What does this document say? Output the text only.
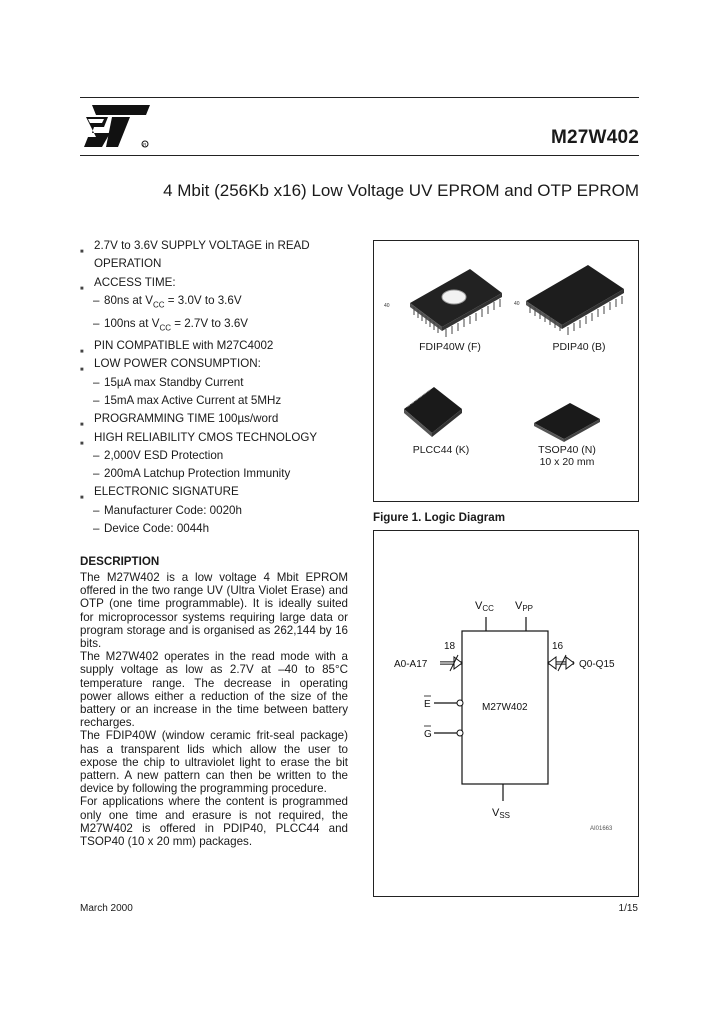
R	M27W402
4 Mbit (256Kb x16) Low Voltage UV EPROM and OTP EPROM
■ 2.7V to 3.6V SUPPLY VOLTAGE in READ OPERATION
■ ACCESS TIME:
– 80ns at $V_{CC} = 3.0V$ to 3.6V
– 100ns at $V_{CC} = 2.7V$ to 3.6V
■ PIN COMPATIBLE with M27C4002
■ LOW POWER CONSUMPTION:
– 15µA max Standby Current
– 15mA max Active Current at 5MHz
■ PROGRAMMING TIME 100µs/word
■ HIGH RELIABILITY CMOS TECHNOLOGY
– 2,000V ESD Protection
– 200mA Latchup Protection Immunity
■ ELECTRONIC SIGNATURE
– Manufacturer Code: 0020h
– Device Code: 0044h
40	40
FDIP40W (F)	PDIP40 (B)
PLCC44 (K)	TSOP40 (N)
10 x 20 mm
Figure 1. Logic Diagram
VCC VPP
VSS
18
A0-A17
16
Q0-Q15
M27W402
E
G
AI01663
DESCRIPTION

The M27W402 is a low voltage 4 Mbit EPROM offered in the two range UV (Ultra Violet Erase) and OTP (one time programmable). It is ideally suited for microprocessor systems requiring large data or program storage and is organised as 262,144 by 16 bits.

The M27W402 operates in the read mode with a supply voltage as low as 2.7V at –40 to 85°C temperature range. The decrease in operating power allows either a reduction of the size of the battery or an increase in the time between battery recharges.

The FDIP40W (window ceramic frit-seal package) has a transparent lids which allow the user to expose the chip to ultraviolet light to erase the bit pattern. A new pattern can then be written to the device by following the programming procedure.

For applications where the content is programmed only one time and erasure is not required, the M27W402 is offered in PDIP40, PLCC44 and TSOP40 (10 x 20 mm) packages.

March 2000	1/15
